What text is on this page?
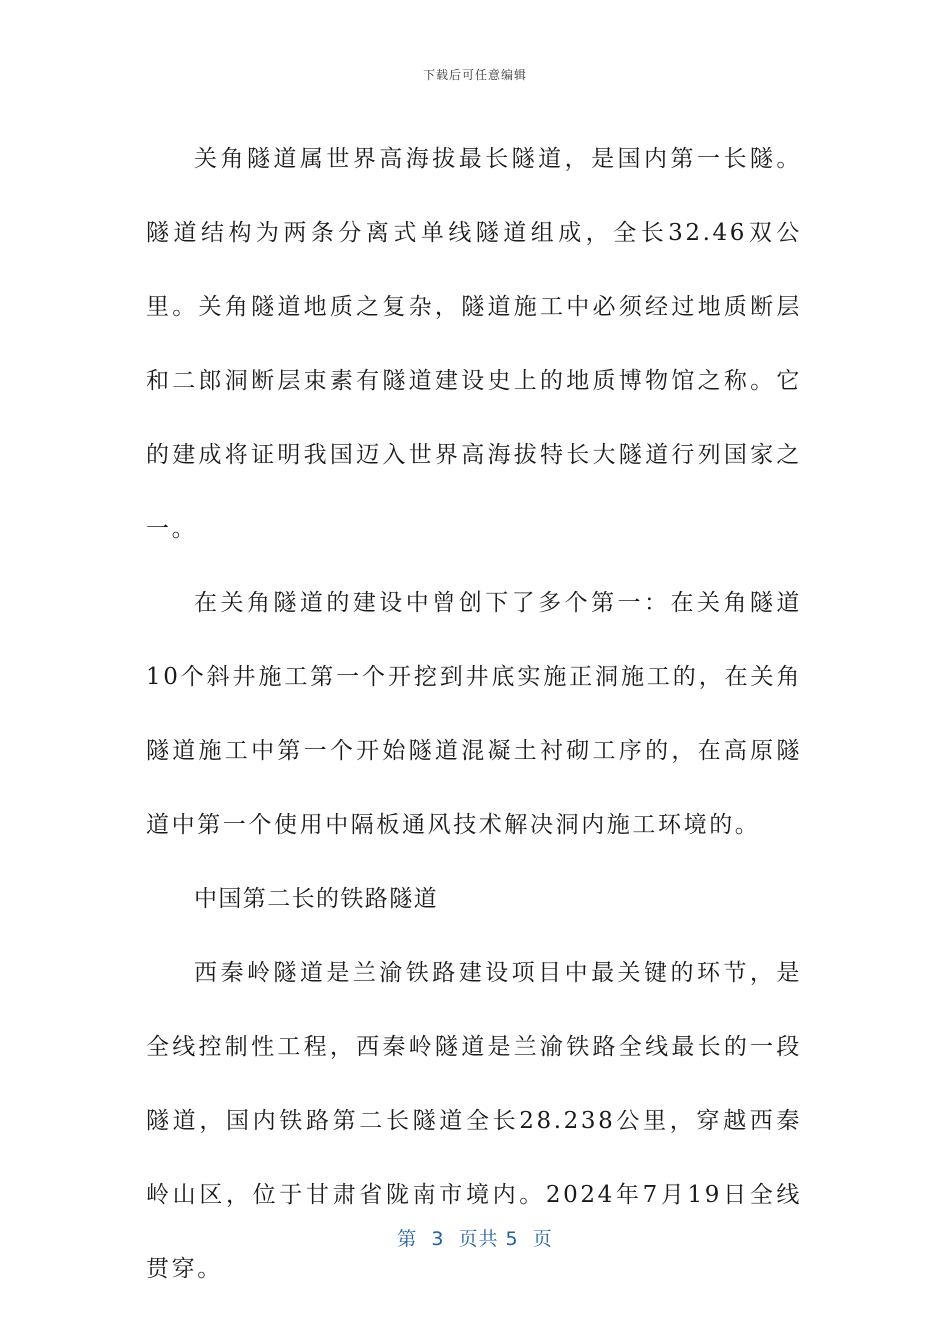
下载后可任意编辑

关角隧道属世界高海拔最长隧道，是国内第一长隧。隧道结构为两条分离式单线隧道组成，全长32.46双公里。关角隧道地质之复杂，隧道施工中必须经过地质断层和二郎洞断层束素有隧道建设史上的地质博物馆之称。它的建成将证明我国迈入世界高海拔特长大隧道行列国家之一。

在关角隧道的建设中曾创下了多个第一：在关角隧道10个斜井施工第一个开挖到井底实施正洞施工的，在关角隧道施工中第一个开始隧道混凝土衬砌工序的，在高原隧道中第一个使用中隔板通风技术解决洞内施工环境的。

中国第二长的铁路隧道

西秦岭隧道是兰渝铁路建设项目中最关键的环节，是全线控制性工程，西秦岭隧道是兰渝铁路全线最长的一段隧道，国内铁路第二长隧道全长28.238公里，穿越西秦岭山区，位于甘肃省陇南市境内。2024年7月19日全线贯穿。

第  3  页共 5  页
